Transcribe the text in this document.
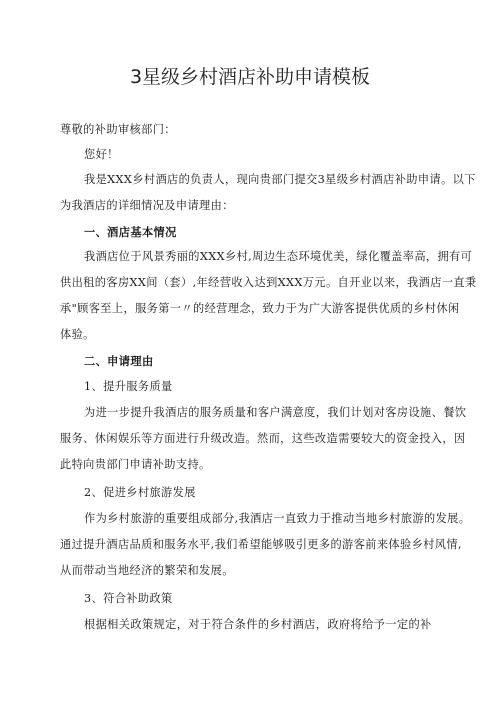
3星级乡村酒店补助申请模板
尊敬的补助审核部门：
您好！
我是XXX乡村酒店的负责人，现向贵部门提交3星级乡村酒店补助申请。以下
为我酒店的详细情况及申请理由：
一、酒店基本情况
我酒店位于风景秀丽的XXX乡村,周边生态环境优美，绿化覆盖率高，拥有可
供出租的客房XX间（套）,年经营收入达到XXX万元。自开业以来，我酒店一直秉
承"顾客至上，服务第一〃的经营理念，致力于为广大游客提供优质的乡村休闲
体验。
二、申请理由
1、提升服务质量
为进一步提升我酒店的服务质量和客户满意度，我们计划对客房设施、餐饮
服务、休闲娱乐等方面进行升级改造。然而，这些改造需要较大的资金投入，因
此特向贵部门申请补助支持。
2、促进乡村旅游发展
作为乡村旅游的重要组成部分,我酒店一直致力于推动当地乡村旅游的发展。
通过提升酒店品质和服务水平,我们希望能够吸引更多的游客前来体验乡村风情,
从而带动当地经济的繁荣和发展。
3、符合补助政策
根据相关政策规定，对于符合条件的乡村酒店，政府将给予一定的补
